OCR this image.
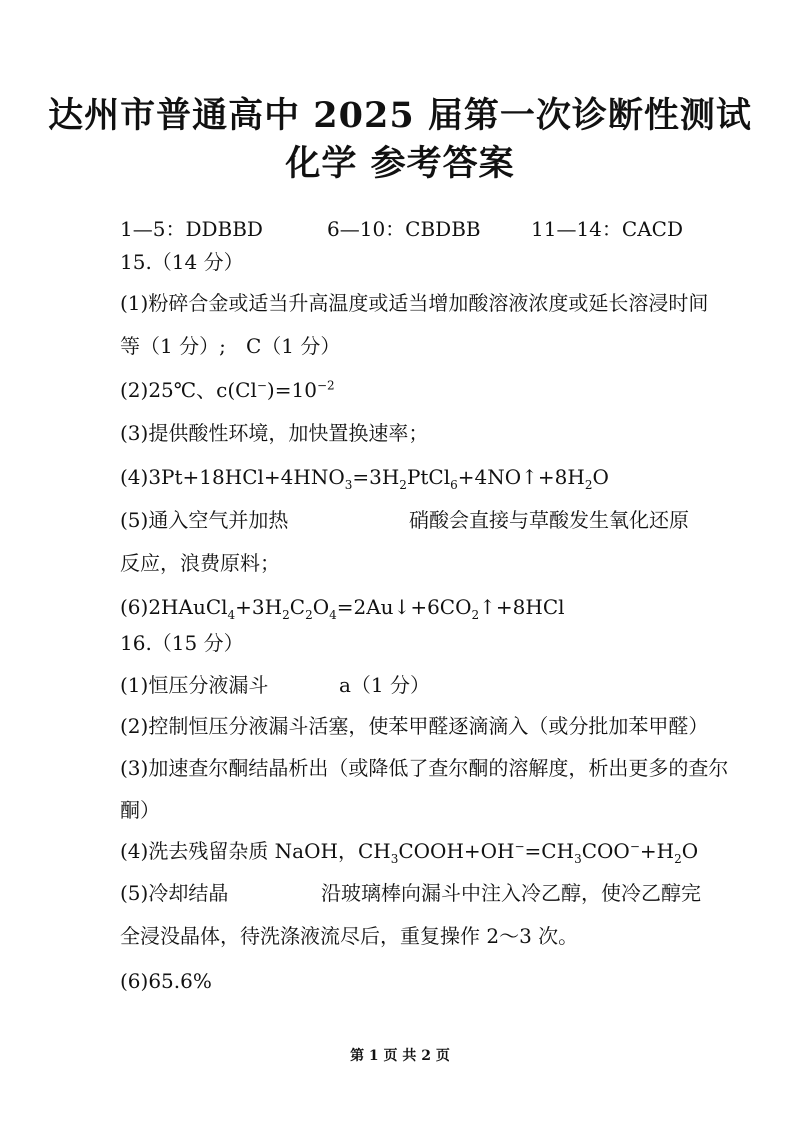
达州市普通高中 2025 届第一次诊断性测试
化学 参考答案
1—5：DDBBD	6—10：CBDBB	11—14：CACD
15.（14 分）
(1)粉碎合金或适当升高温度或适当增加酸溶液浓度或延长溶浸时间
等（1 分）; C（1 分）
(2)25℃、$c(Cl^-)=10^{-2}$
(3)提供酸性环境，加快置换速率；
$(4)3Pt+18HCl+4HNO_3=3H_2PtCl_6+4NO↑+8H_2O$
(5)通入空气并加热	硝酸会直接与草酸发生氧化还原
反应，浪费原料；
$(6)2HAuCl_4+3H_2C_2O_4=2Au↓+6CO_2↑+8HCl$
16.（15 分）
(1)恒压分液漏斗	a（1 分）
(2)控制恒压分液漏斗活塞，使苯甲醛逐滴滴入（或分批加苯甲醛）
(3)加速查尔酮结晶析出（或降低了查尔酮的溶解度，析出更多的查尔
酮）
(4)洗去残留杂质 NaOH，$CH_3COOH+OH^-=CH_3COO^-+H_2O$
(5)冷却结晶	沿玻璃棒向漏斗中注入冷乙醇，使冷乙醇完
全浸没晶体，待洗涤液流尽后，重复操作 2～3 次。
(6)65.6%
第 1 页 共 2 页
